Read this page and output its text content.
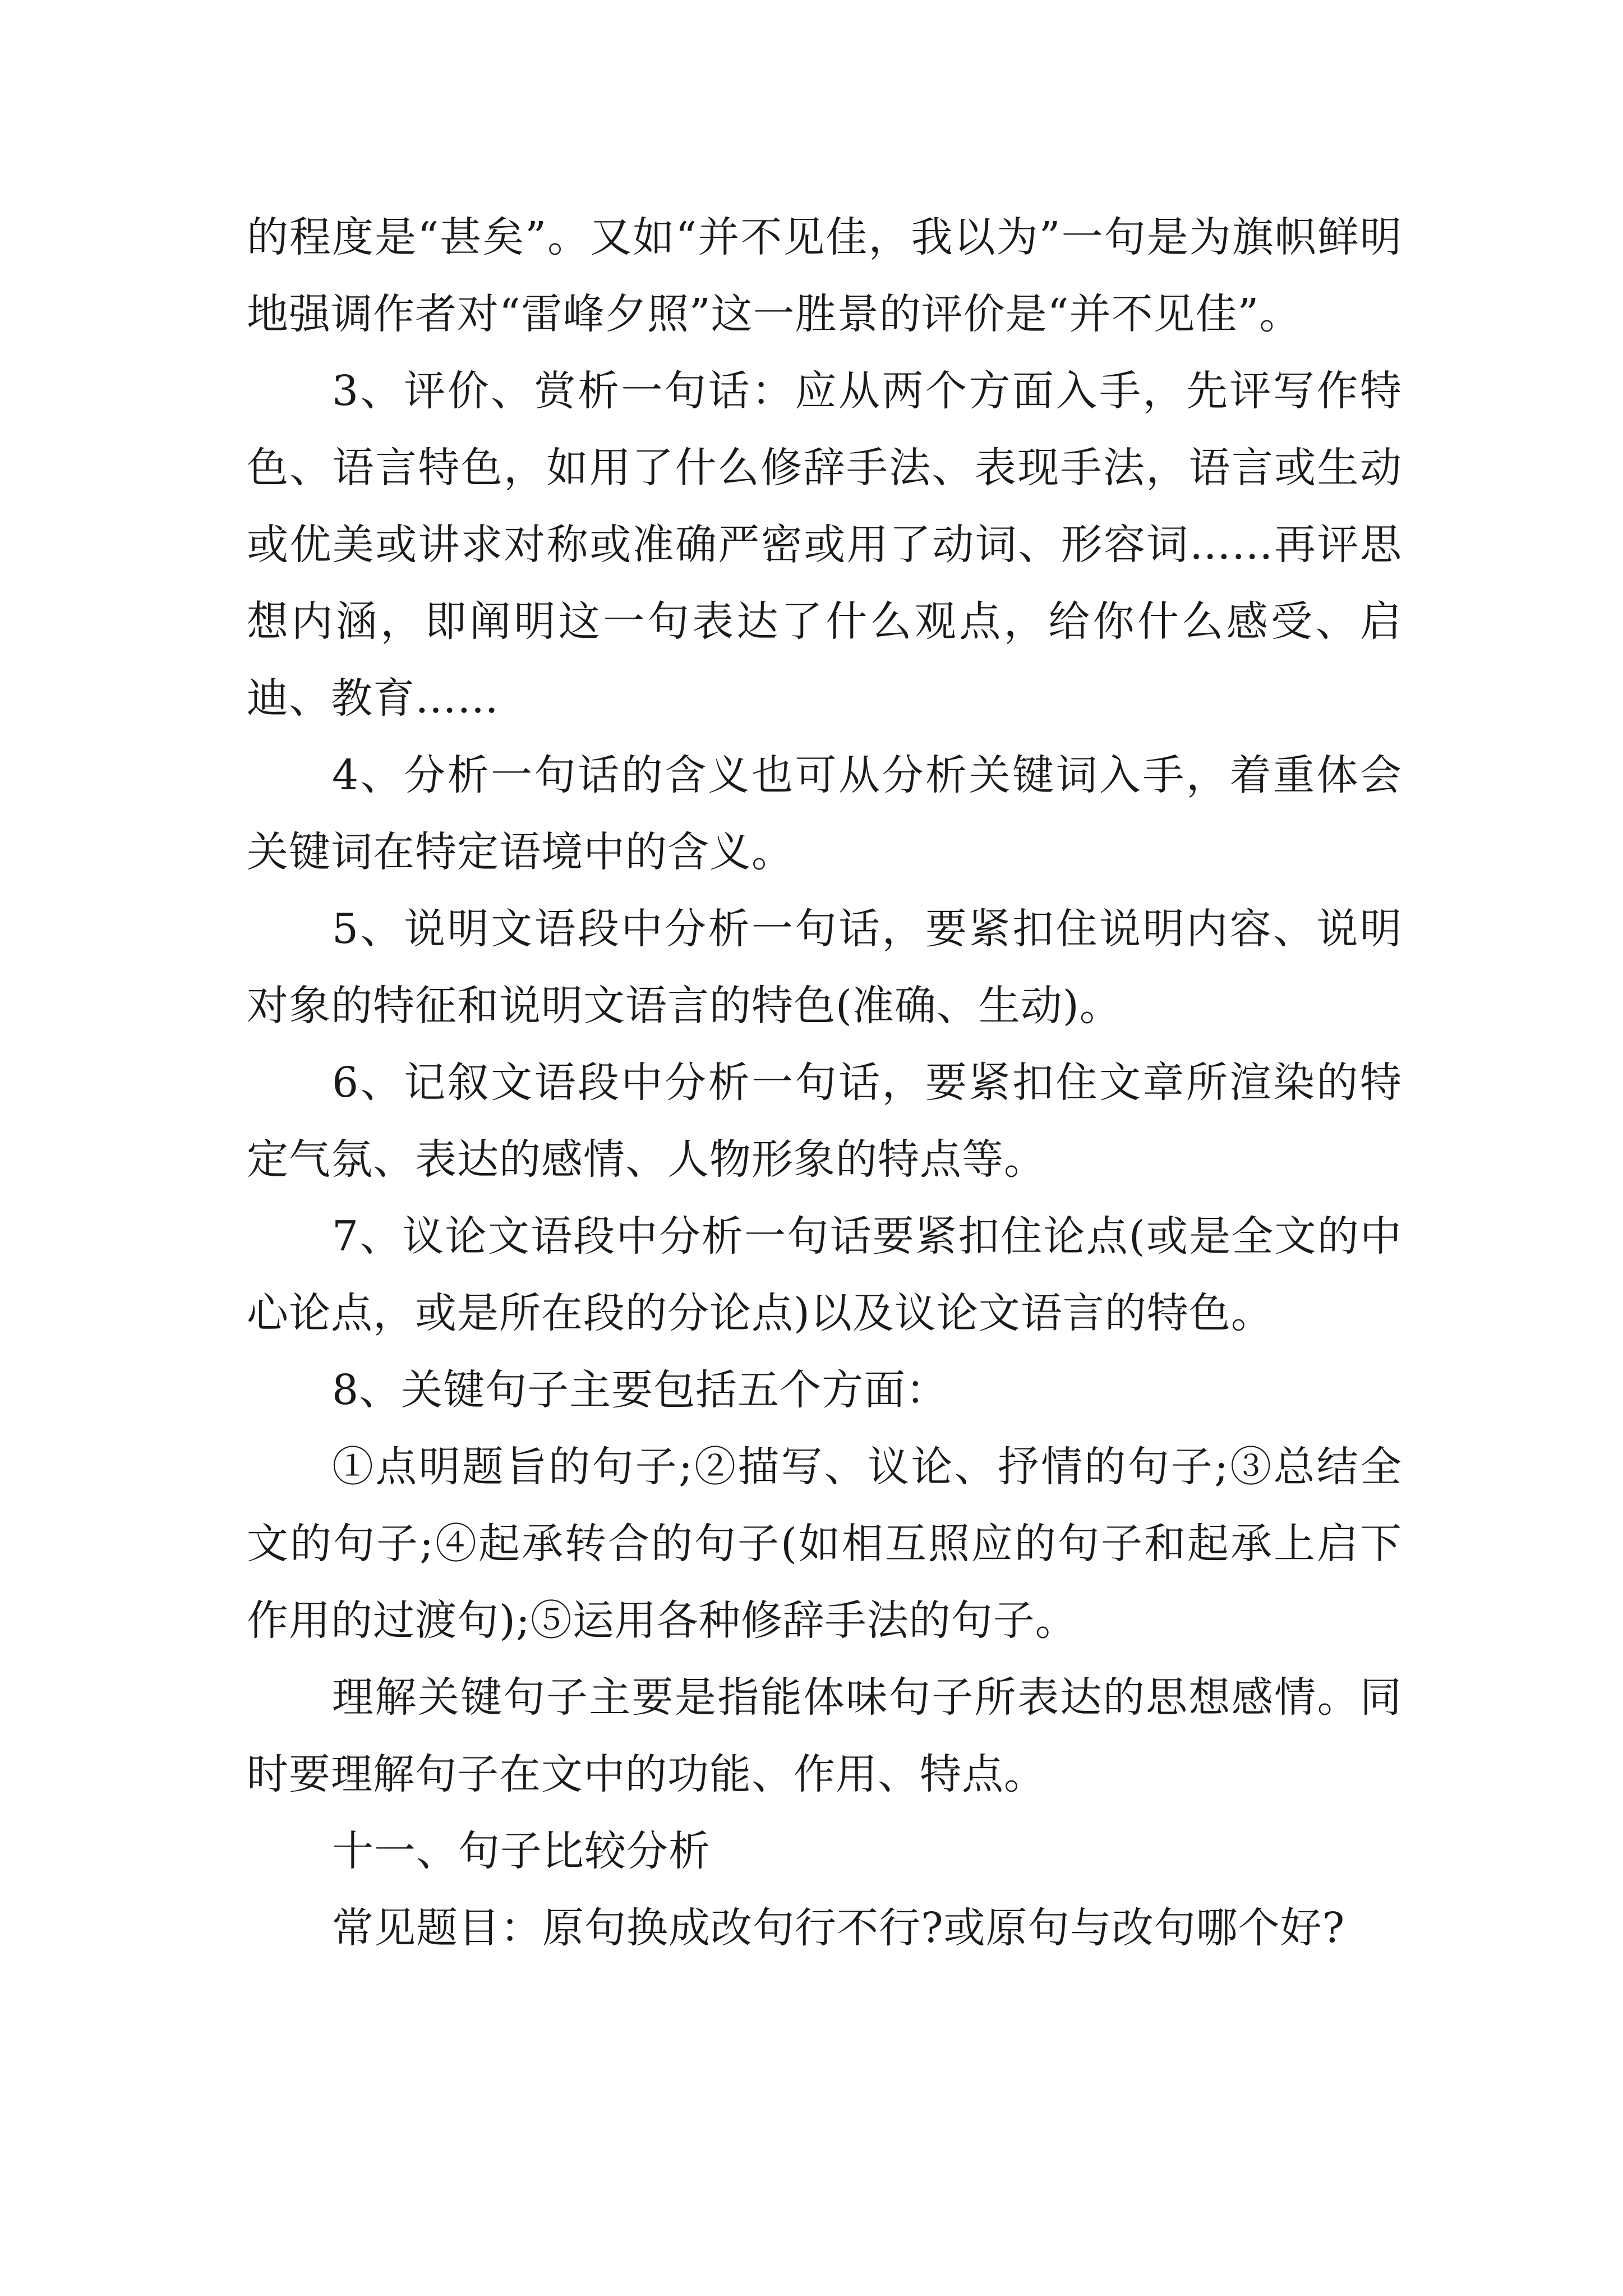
的程度是“甚矣”。又如“并不见佳，我以为”一句是为旗帜鲜明地强调作者对“雷峰夕照”这一胜景的评价是“并不见佳”。

3、评价、赏析一句话：应从两个方面入手，先评写作特色、语言特色，如用了什么修辞手法、表现手法，语言或生动或优美或讲求对称或准确严密或用了动词、形容词……再评思想内涵，即阐明这一句表达了什么观点，给你什么感受、启迪、教育……

4、分析一句话的含义也可从分析关键词入手，着重体会关键词在特定语境中的含义。

5、说明文语段中分析一句话，要紧扣住说明内容、说明对象的特征和说明文语言的特色(准确、生动)。

6、记叙文语段中分析一句话，要紧扣住文章所渲染的特定气氛、表达的感情、人物形象的特点等。

7、议论文语段中分析一句话要紧扣住论点(或是全文的中心论点，或是所在段的分论点)以及议论文语言的特色。

8、关键句子主要包括五个方面：

①点明题旨的句子;②描写、议论、抒情的句子;③总结全文的句子;④起承转合的句子(如相互照应的句子和起承上启下作用的过渡句);⑤运用各种修辞手法的句子。

理解关键句子主要是指能体味句子所表达的思想感情。同时要理解句子在文中的功能、作用、特点。

十一、句子比较分析

常见题目：原句换成改句行不行?或原句与改句哪个好?
